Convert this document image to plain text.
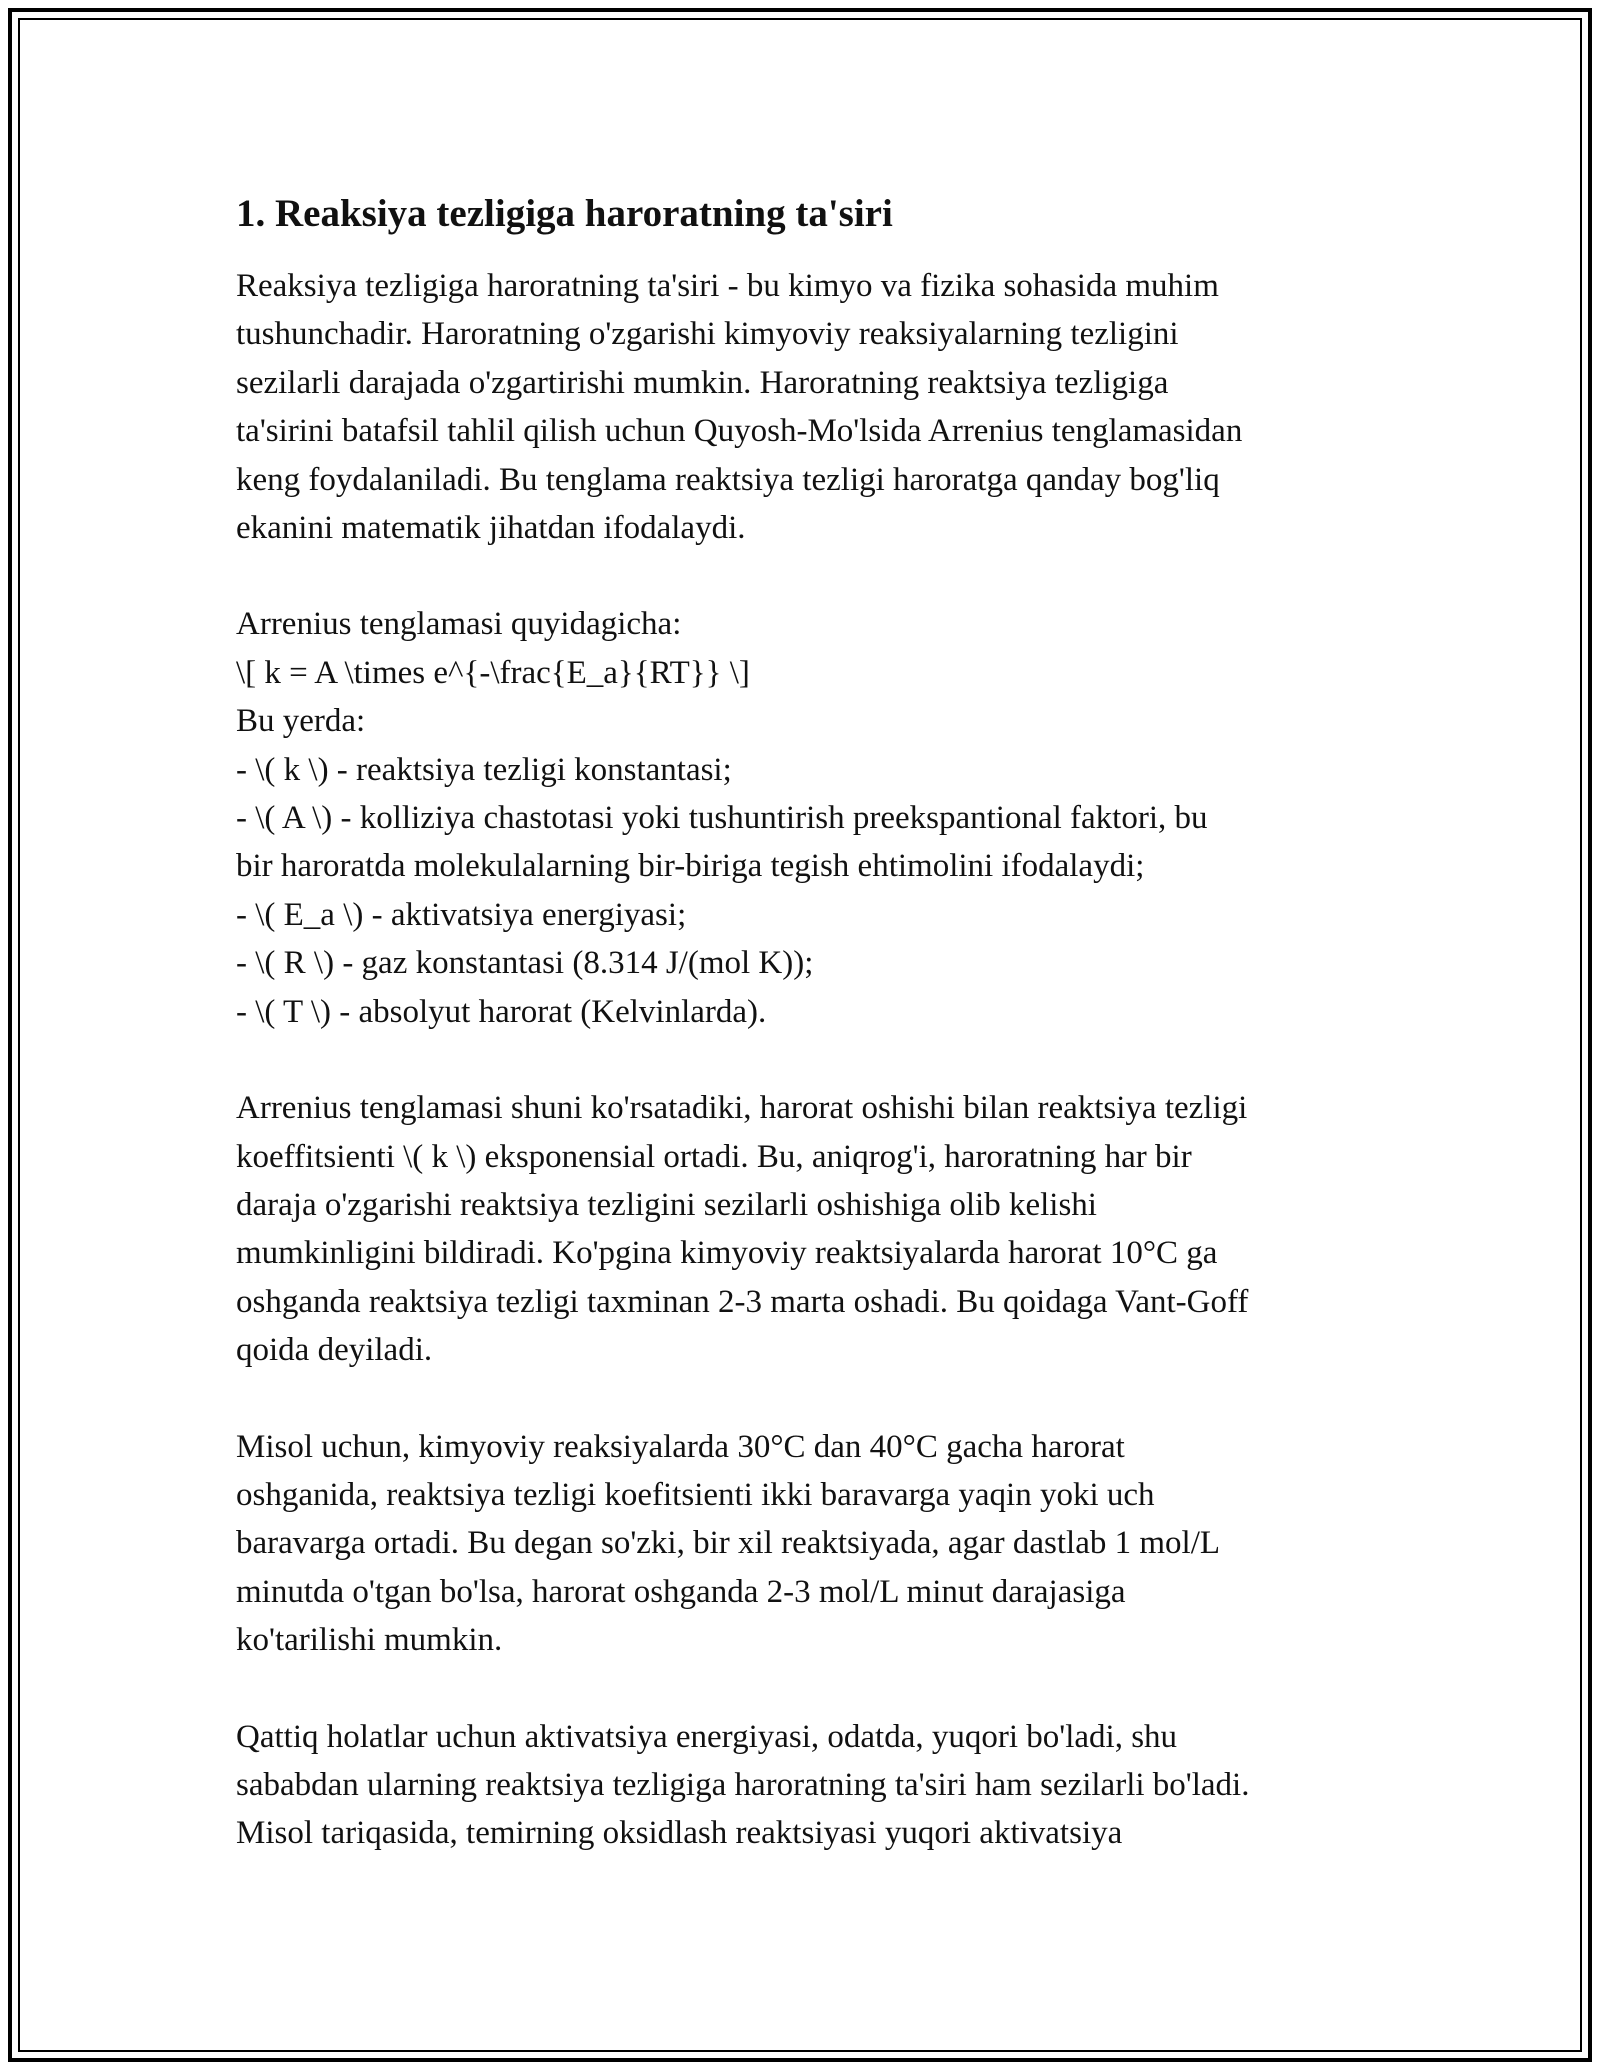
1. Reaksiya tezligiga haroratning ta'siri

Reaksiya tezligiga haroratning ta'siri - bu kimyo va fizika sohasida muhim
tushunchadir. Haroratning o'zgarishi kimyoviy reaksiyalarning tezligini
sezilarli darajada o'zgartirishi mumkin. Haroratning reaktsiya tezligiga
ta'sirini batafsil tahlil qilish uchun Quyosh-Mo'lsida Arrenius tenglamasidan
keng foydalaniladi. Bu tenglama reaktsiya tezligi haroratga qanday bog'liq
ekanini matematik jihatdan ifodalaydi.

Arrenius tenglamasi quyidagicha:
\[ k = A \times e^{-\frac{E_a}{RT}} \]
Bu yerda:
- \( k \) - reaktsiya tezligi konstantasi;
- \( A \) - kolliziya chastotasi yoki tushuntirish preekspantional faktori, bu
bir haroratda molekulalarning bir-biriga tegish ehtimolini ifodalaydi;
- \( E_a \) - aktivatsiya energiyasi;
- \( R \) - gaz konstantasi (8.314 J/(mol K));
- \( T \) - absolyut harorat (Kelvinlarda).

Arrenius tenglamasi shuni ko'rsatadiki, harorat oshishi bilan reaktsiya tezligi
koeffitsienti \( k \) eksponensial ortadi. Bu, aniqrog'i, haroratning har bir
daraja o'zgarishi reaktsiya tezligini sezilarli oshishiga olib kelishi
mumkinligini bildiradi. Ko'pgina kimyoviy reaktsiyalarda harorat 10°C ga
oshganda reaktsiya tezligi taxminan 2-3 marta oshadi. Bu qoidaga Vant-Goff
qoida deyiladi.

Misol uchun, kimyoviy reaksiyalarda 30°C dan 40°C gacha harorat
oshganida, reaktsiya tezligi koefitsienti ikki baravarga yaqin yoki uch
baravarga ortadi. Bu degan so'zki, bir xil reaktsiyada, agar dastlab 1 mol/L
minutda o'tgan bo'lsa, harorat oshganda 2-3 mol/L minut darajasiga
ko'tarilishi mumkin.

Qattiq holatlar uchun aktivatsiya energiyasi, odatda, yuqori bo'ladi, shu
sababdan ularning reaktsiya tezligiga haroratning ta'siri ham sezilarli bo'ladi.
Misol tariqasida, temirning oksidlash reaktsiyasi yuqori aktivatsiya
